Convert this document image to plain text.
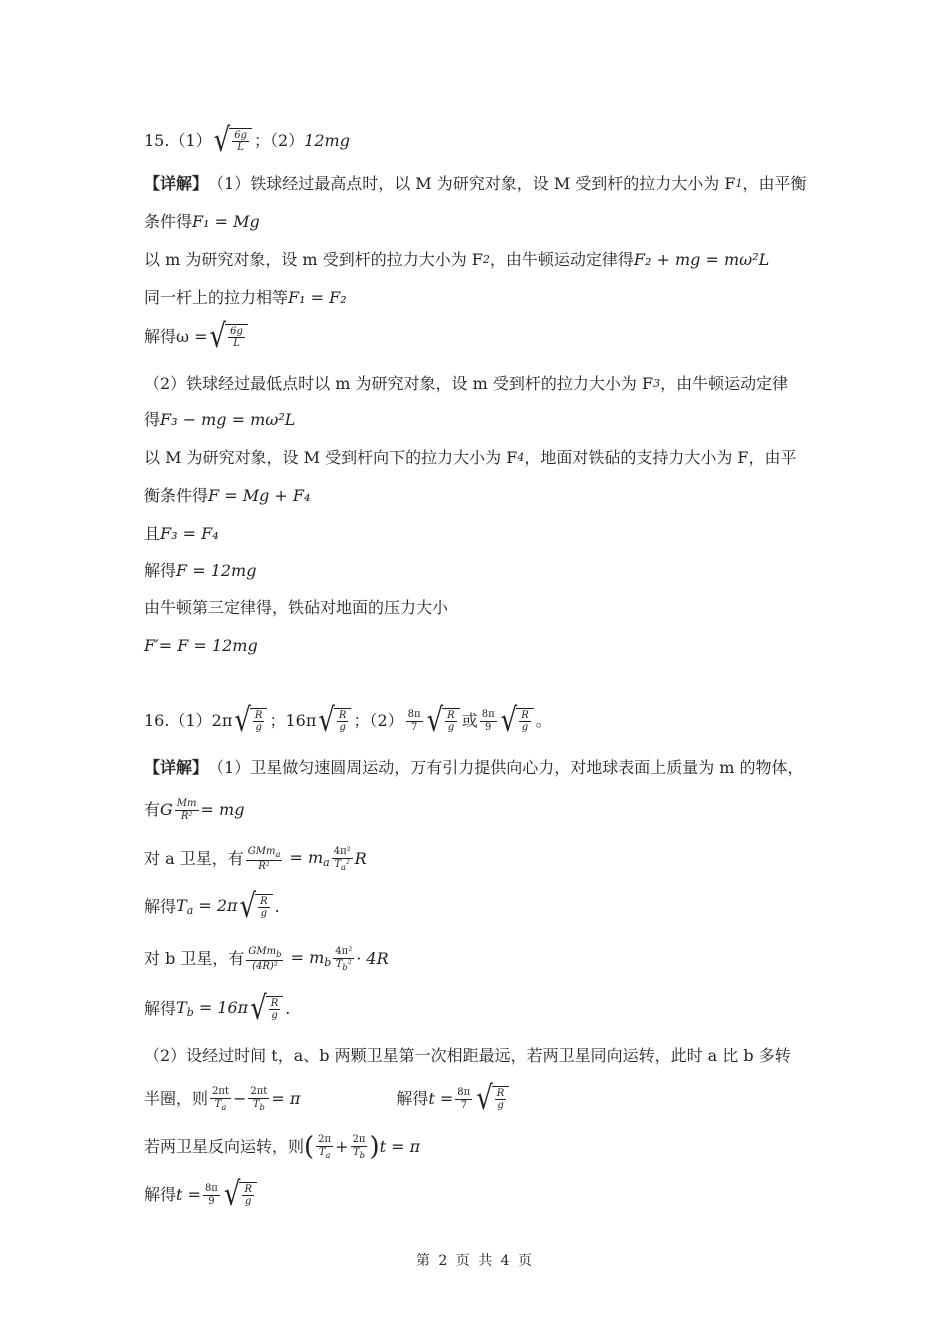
15. （1） √ $\frac{6g}{L}$ ；（2） 12mg
【详解】 （1）铁球经过最高点时，以 M 为研究对象，设 M 受到杆的拉力大小为 F 1 ，由平衡
条件得 F₁ = Mg
以 m 为研究对象，设 m 受到杆的拉力大小为 F 2 ，由牛顿运动定律得 F₂ + mg = mω²L
同一杆上的拉力相等 F₁ = F₂
解得ω = √ $\frac{6g}{L}$
（2）铁球经过最低点时以 m 为研究对象，设 m 受到杆的拉力大小为 F 3 ，由牛顿运动定律
得 F₃ − mg = mω²L
以 M 为研究对象，设 M 受到杆向下的拉力大小为 F 4 ，地面对铁砧的支持力大小为 F，由平
衡条件得 F = Mg + F₄
且 F₃ = F₄
解得 F = 12mg
由牛顿第三定律得，铁砧对地面的压力大小
F′= F = 12mg
16. （1）2π √ $\frac{R}{g}$ ； 16π √ $\frac{R}{g}$ ；$(2) \frac{8\pi}{7}$ √ $\frac{R}{g}$ 或 $\frac{8\pi}{9}$ √ $\frac{R}{g}$ 。
【详解】 （1）卫星做匀速圆周运动，万有引力提供向心力，对地球表面上质量为 m 的物体，
有 G $\frac{Mm}{\text{R²}}$ = mg
对 a 卫星，有 $\frac{GMm_a}{\text{R²}} = m_a \frac{\text{4π²}}{T_a^2}$ R
解得 $T_a = 2\pi$ √ $\frac{R}{g}$ .
对 b 卫星，有 $\frac{GMm_b}{\text{(4R)²}} = m_b \frac{\text{4π²}}{T_b^2} \cdot 4R$
解得 $T_b = 16\pi$ √ $\frac{R}{g}$ .
（2）设经过时间 t，a、b 两颗卫星第一次相距最远，若两卫星同向运转，此时 a 比 b 多转
半圈，则 $\frac{2\pi t}{T_a} - \frac{2\pi t}{T_b} = \pi$	解得 $t = \frac{8\pi}{7}$ √ $\frac{R}{g}$
若两卫星反向运转，则 ( $\frac{2\pi}{T_a} + \frac{2\pi}{T_b}$ ) t = π
解得 $t = \frac{8\pi}{9}$ √ $\frac{R}{g}$
第 2 页 共 4 页
